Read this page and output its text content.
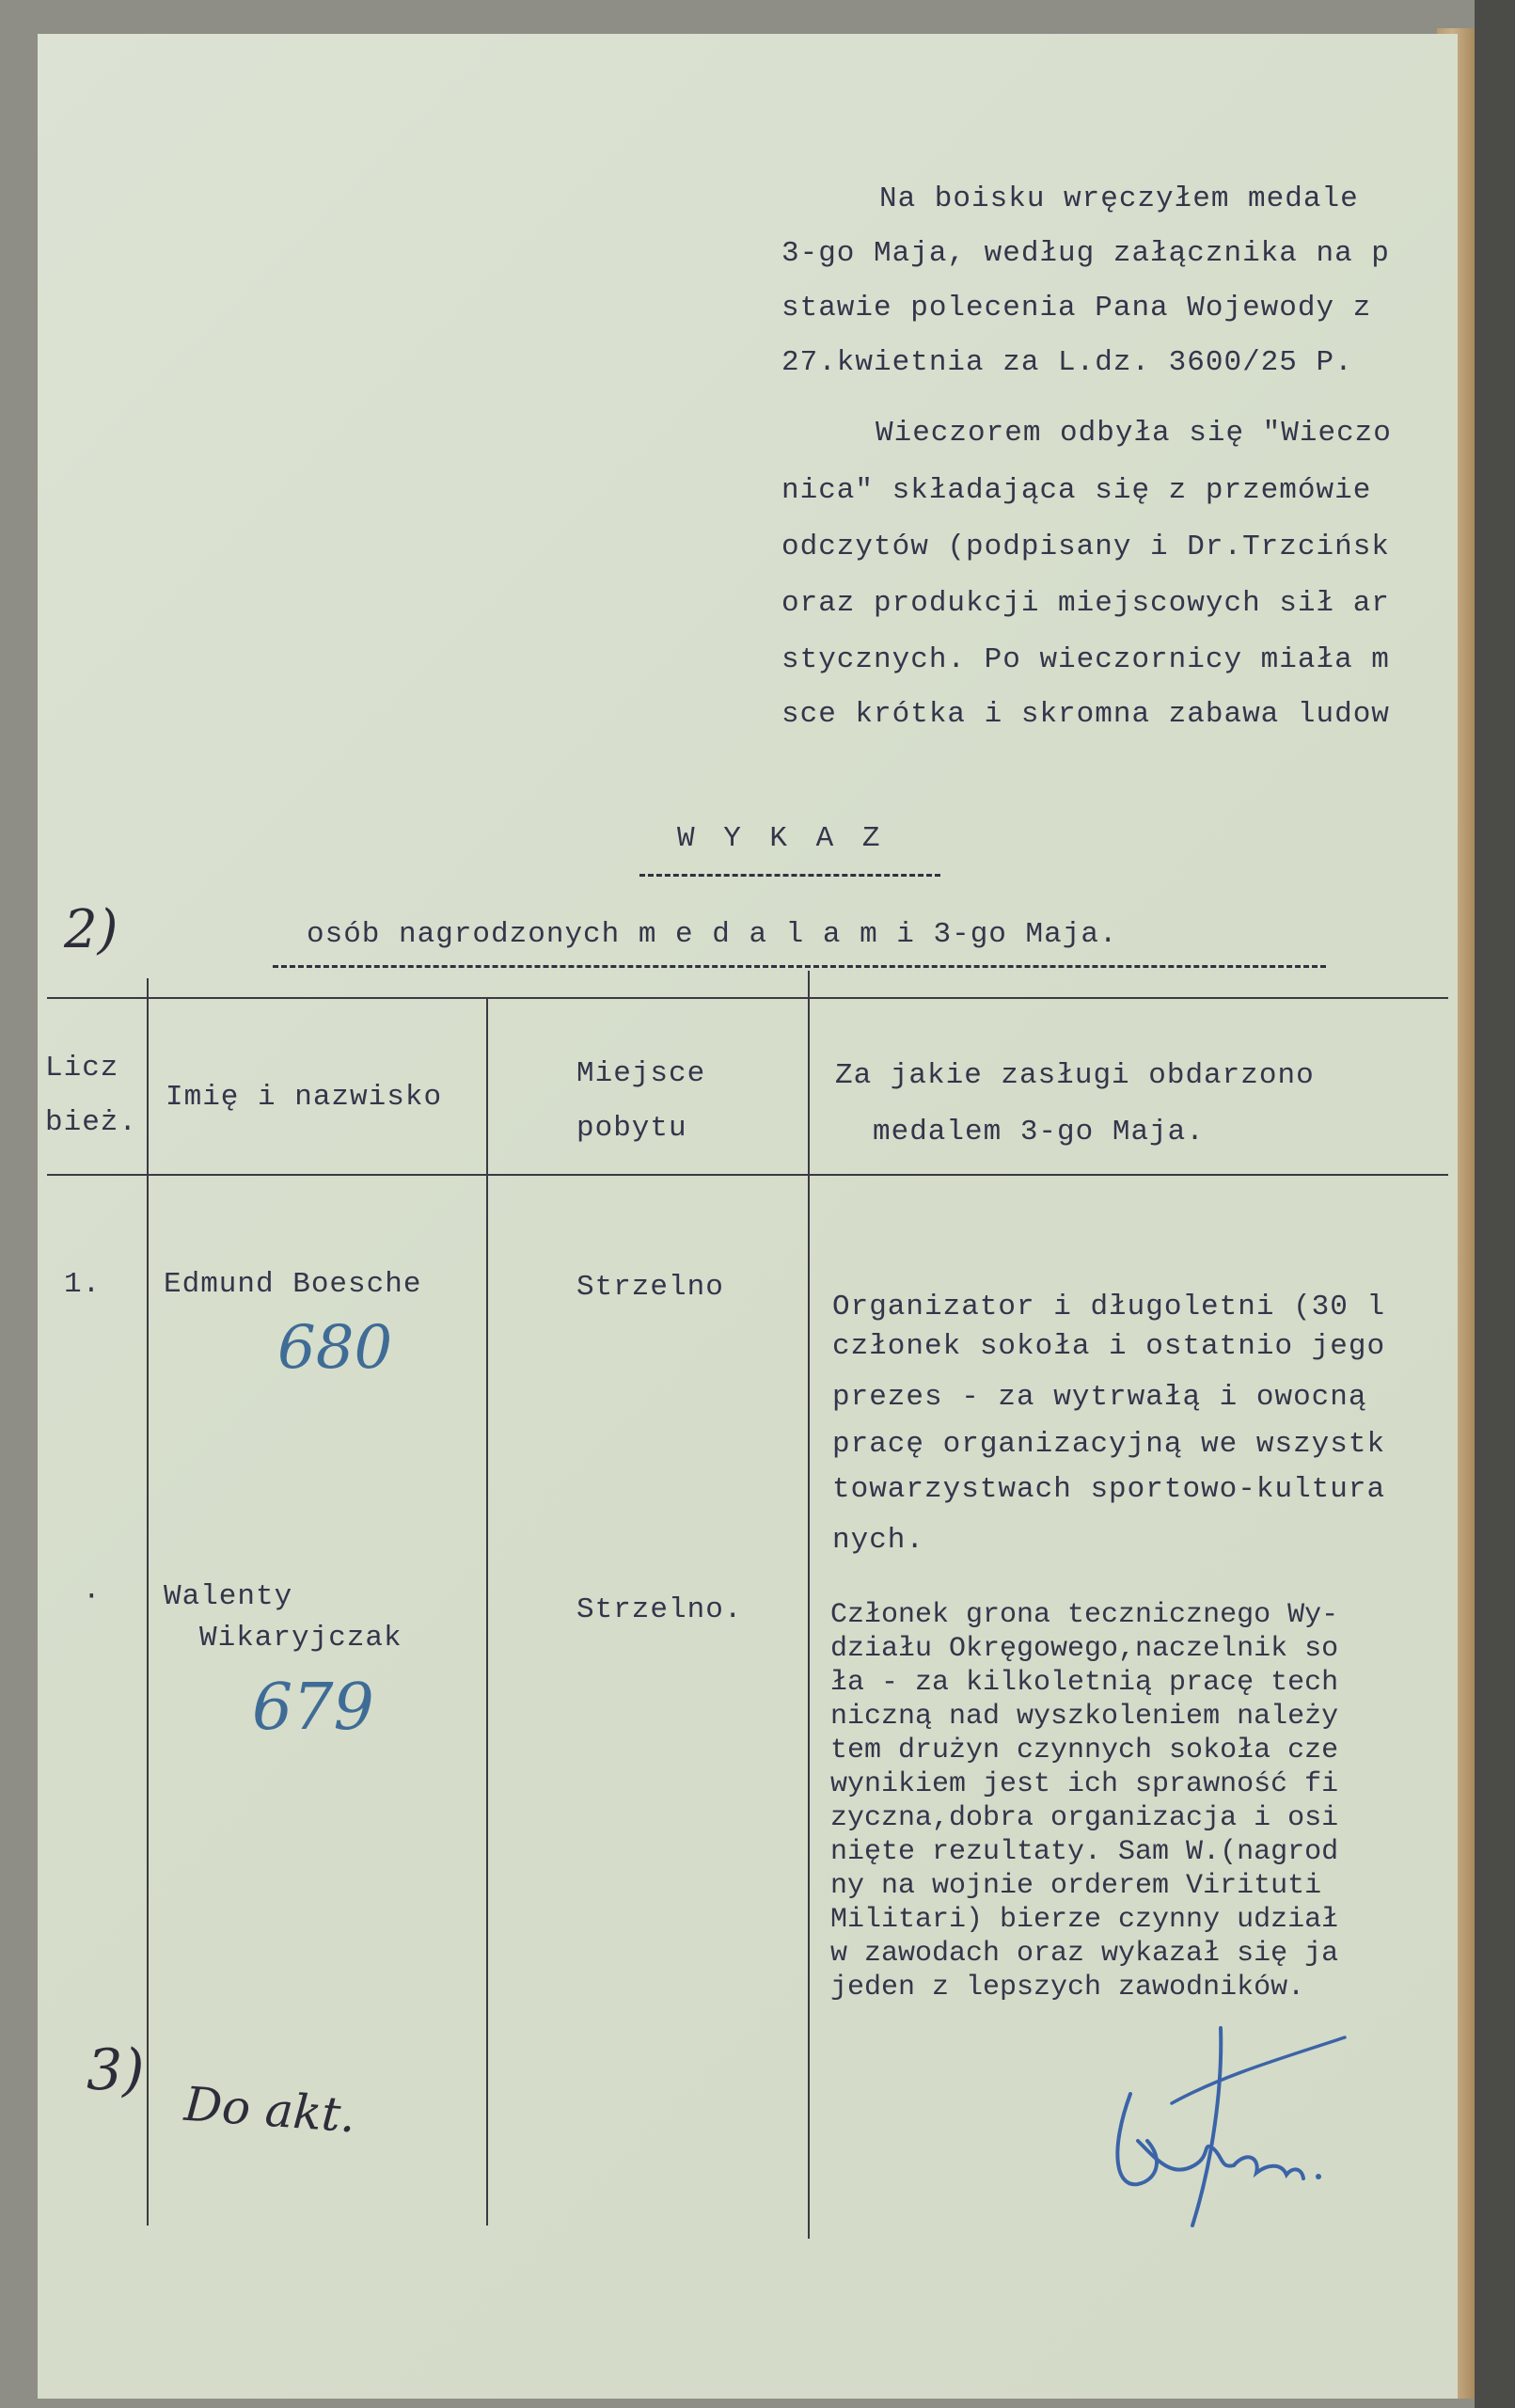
Na boisku wręczyłem medale
3-go Maja, według załącznika na p
stawie polecenia Pana Wojewody z
27.kwietnia za L.dz. 3600/25 P.
Wieczorem odbyła się "Wieczo
nica" składająca się z przemówie
odczytów (podpisany i Dr.Trzcińsk
oraz produkcji miejscowych sił ar
stycznych. Po wieczornicy miała m
sce krótka i skromna zabawa ludow
W Y K A Z
2)	osób nagrodzonych m e d a l a m i 3-go Maja.
Licz
bież.
Imię i nazwisko
Miejsce
pobytu
Za jakie zasługi obdarzono
medalem 3-go Maja.
1. Edmund Boesche
680
Strzelno
Organizator i długoletni (30 l
członek sokoła i ostatnio jego
prezes - za wytrwałą i owocną
pracę organizacyjną we wszystk
towarzystwach sportowo-kultura
nych.
· Walenty
Wikaryjczak
679
Strzelno.	Członek grona tecznicznego Wy-
działu Okręgowego,naczelnik so
ła - za kilkoletnią pracę tech
niczną nad wyszkoleniem należy
tem drużyn czynnych sokoła cze
wynikiem jest ich sprawność fi
zyczna,dobra organizacja i osi
nięte rezultaty. Sam W.(nagrod
ny na wojnie orderem Virituti
Militari) bierze czynny udział
w zawodach oraz wykazał się ja
jeden z lepszych zawodników.
3)
Do akt.
